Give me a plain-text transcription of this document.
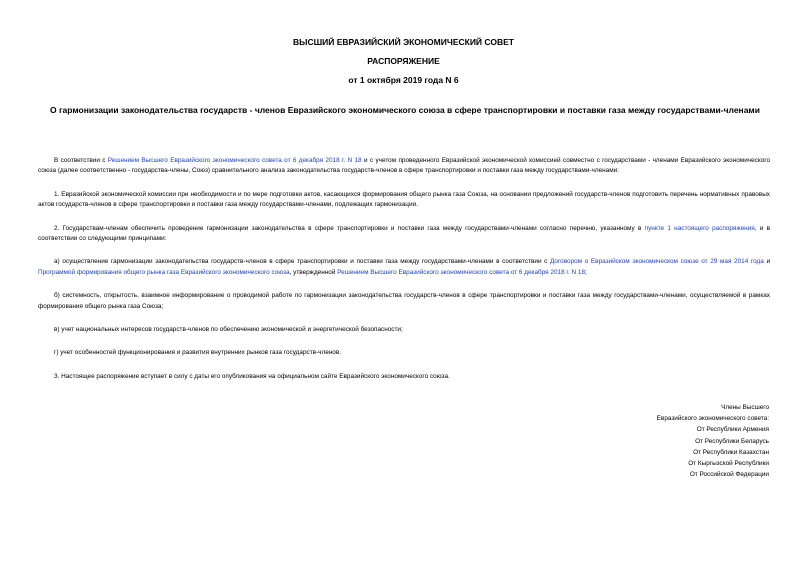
ВЫСШИЙ ЕВРАЗИЙСКИЙ ЭКОНОМИЧЕСКИЙ СОВЕТ
РАСПОРЯЖЕНИЕ
от 1 октября 2019 года N 6
О гармонизации законодательства государств - членов Евразийского экономического союза в сфере транспортировки и поставки газа между государствами-членами

В соответствии с Решением Высшего Евразийского экономического совета от 6 декабря 2018 г. N 18 и с учетом проведенного Евразийской экономической комиссией совместно с государствами - членами Евразийского экономического союза (далее соответственно - государства-члены, Союз) сравнительного анализа законодательства государств-членов в сфере транспортировки и поставки газа между государствами-членами:

1. Евразийской экономической комиссии при необходимости и по мере подготовки актов, касающихся формирования общего рынка газа Союза, на основании предложений государств-членов подготовить перечень нормативных правовых актов государств-членов в сфере транспортировки и поставки газа между государствами-членами, подлежащих гармонизации.

2. Государствам-членам обеспечить проведение гармонизации законодательства в сфере транспортировки и поставки газа между государствами-членами согласно перечню, указанному в пункте 1 настоящего распоряжения, и в соответствии со следующими принципами:

а) осуществление гармонизации законодательства государств-членов в сфере транспортировки и поставки газа между государствами-членами в соответствии с Договором о Евразийском экономическом союзе от 29 мая 2014 года и Программой формирования общего рынка газа Евразийского экономического союза, утвержденной Решением Высшего Евразийского экономического совета от 6 декабря 2018 г. N 18;

б) системность, открытость, взаимное информирование о проводимой работе по гармонизации законодательства государств-членов в сфере транспортировки и поставки газа между государствами-членами, осуществляемой в рамках формирования общего рынка газа Союза;

в) учет национальных интересов государств-членов по обеспечению экономической и энергетической безопасности;

г) учет особенностей функционирования и развития внутренних рынков газа государств-членов.

3. Настоящее распоряжение вступает в силу с даты его опубликования на официальном сайте Евразийского экономического союза.

Члены Высшего
Евразийского экономического совета:
От Республики Армения
От Республики Беларусь
От Республики Казахстан
От Кыргызской Республики
От Российской Федерации
